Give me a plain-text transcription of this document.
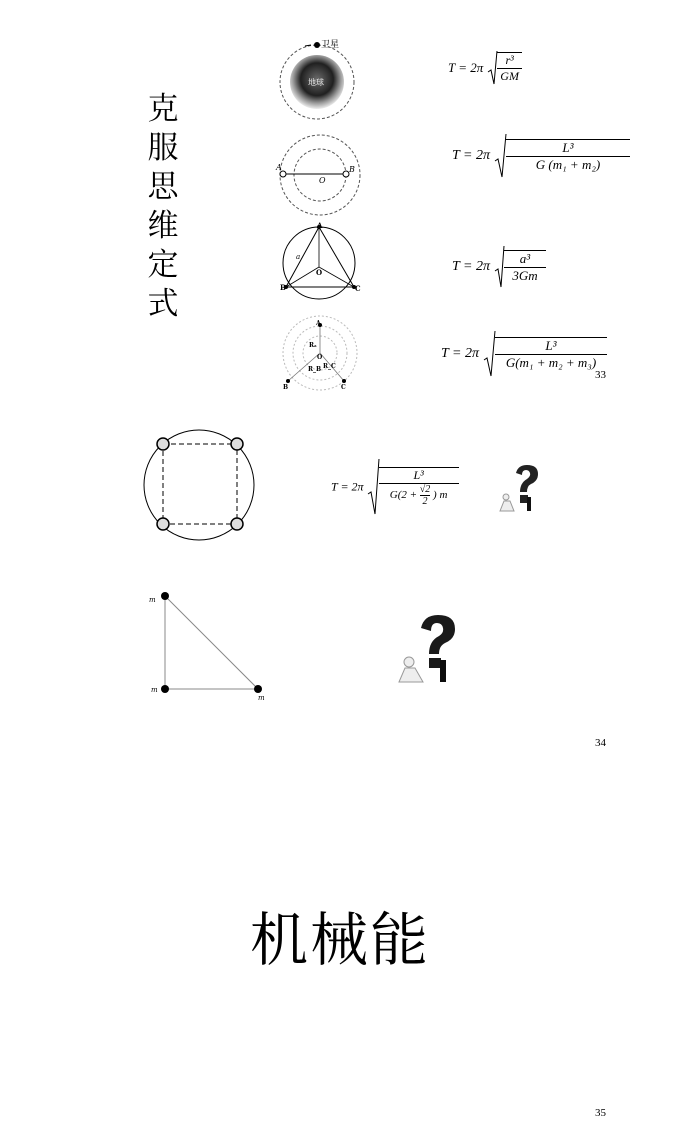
克
服
思
维
定
式
卫星
地球
A	B
O
A
B	C
O
a
A
O
Rₐ
R_B R_C
B	C
$T = 2\pi \frac{\text{r³}}{GM}$
$T = 2\pi \frac{\text{L³}}{\text{G (m₁ + m₂)}}$
$T = 2\pi \frac{\text{a³}}{3Gm}$
$T = 2\pi \frac{\text{L³}}{\text{G(m₁ + m₂ + m₃)}}$
33
$T = 2\pi \frac{\text{L³}}{G(2 + \frac{√2}{2} ) m}$
m
m
m
34
机械能
35
